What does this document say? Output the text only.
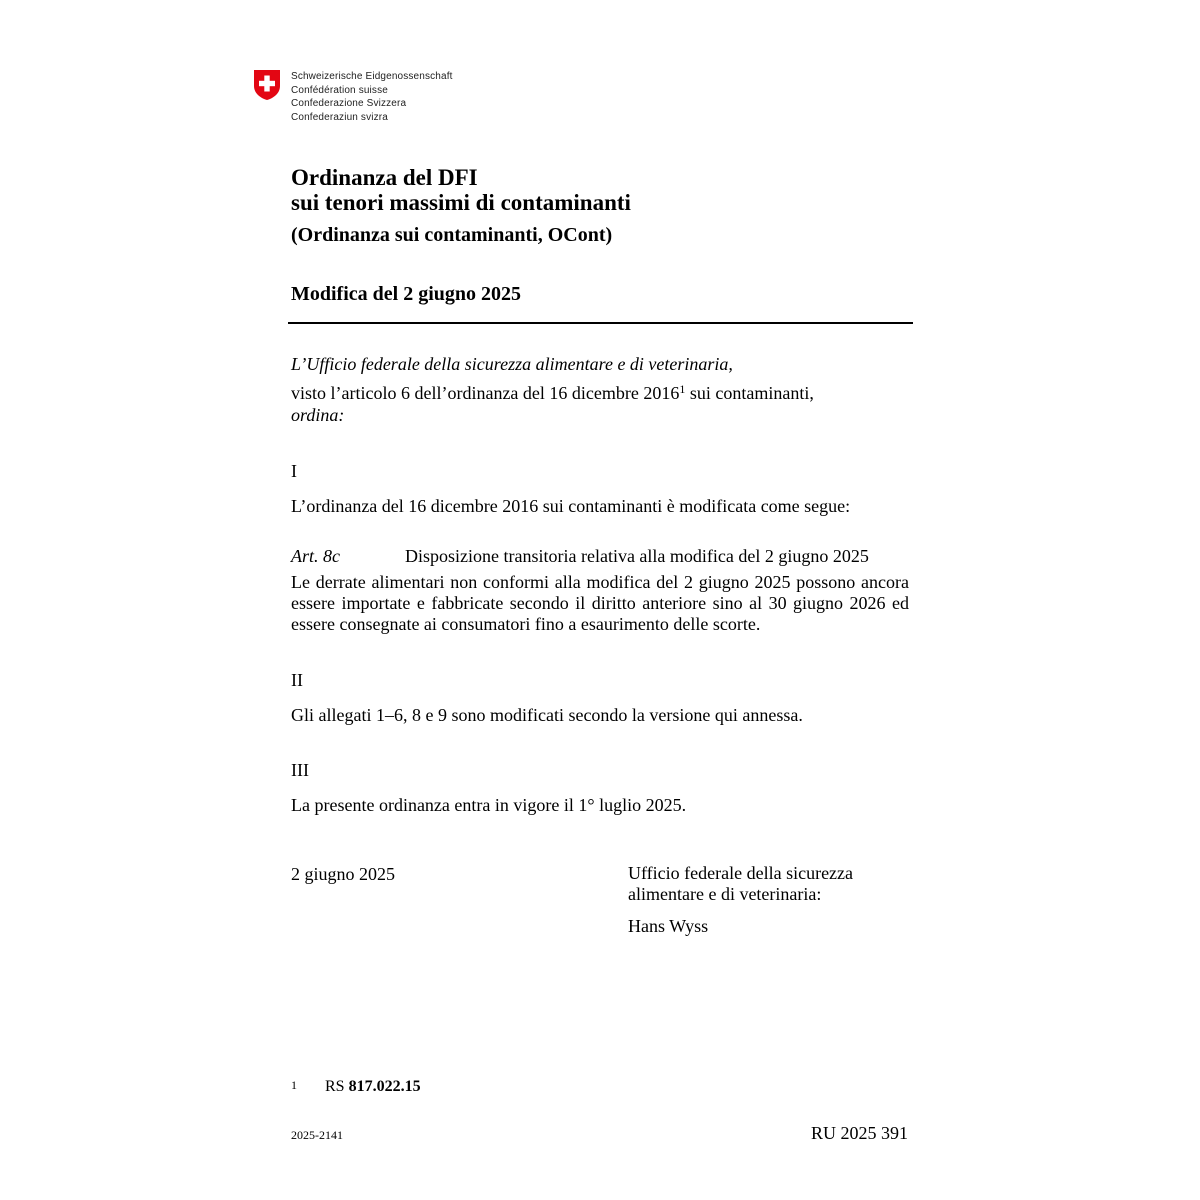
Schweizerische Eidgenossenschaft
Confédération suisse
Confederazione Svizzera
Confederaziun svizra
Ordinanza del DFI
sui tenori massimi di contaminanti
(Ordinanza sui contaminanti, OCont)
Modifica del 2 giugno 2025
L’Ufficio federale della sicurezza alimentare e di veterinaria,
visto l’articolo 6 dell’ordinanza del 16 dicembre 2016$^1$ sui contaminanti,
ordina:
I
L’ordinanza del 16 dicembre 2016 sui contaminanti è modificata come segue:
Art. 8c	Disposizione transitoria relativa alla modifica del 2 giugno 2025
Le derrate alimentari non conformi alla modifica del 2 giugno 2025 possono ancora essere importate e fabbricate secondo il diritto anteriore sino al 30 giugno 2026 ed essere consegnate ai consumatori fino a esaurimento delle scorte.
II
Gli allegati 1–6, 8 e 9 sono modificati secondo la versione qui annessa.
III
La presente ordinanza entra in vigore il 1° luglio 2025.
2 giugno 2025	Ufficio federale della sicurezza alimentare e di veterinaria:
Hans Wyss
1 RS 817.022.15
2025-2141	RU 2025 391
